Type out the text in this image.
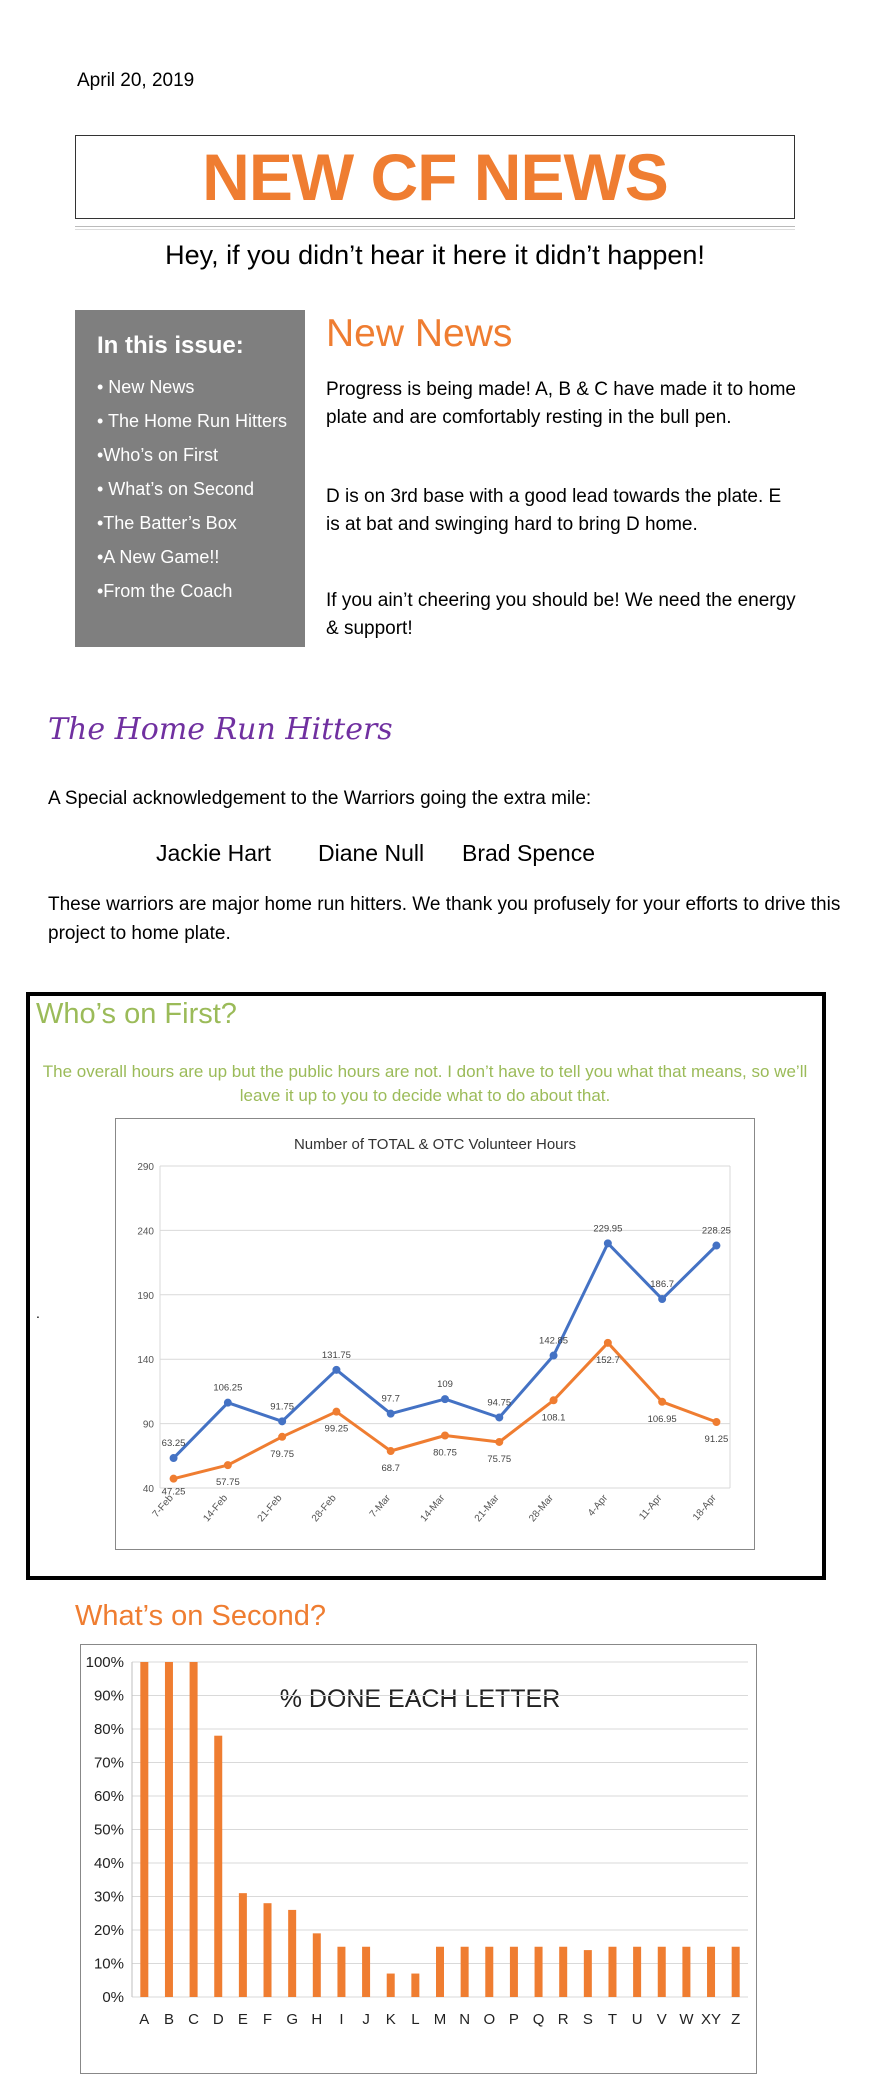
April 20, 2019
NEW CF NEWS
Hey, if you didn’t hear it here it didn’t happen!
In this issue:
• New News
• The Home Run Hitters
•Who’s on First
• What’s on Second
•The Batter’s Box
•A New Game!!
•From the Coach
New News
Progress is being made! A, B & C have made it to home plate and are comfortably resting in the bull pen.
D is on 3rd base with a good lead towards the plate. E is at bat and swinging hard to bring D home.
If you ain’t cheering you should be! We need the energy & support!
The Home Run Hitters
A Special acknowledgement to the Warriors going the extra mile:
Jackie Hart Diane Null Brad Spence
These warriors are major home run hitters. We thank you profusely for your efforts to drive this project to home plate.
Who’s on First?
The overall hours are up but the public hours are not. I don’t have to tell you what that means, so we’ll leave it up to you to decide what to do about that.
.
Number of TOTAL & OTC Volunteer Hours
40
90
140
190
240
290
7-Feb	14-Feb	21-Feb	28-Feb	7-Mar	14-Mar	21-Mar	28-Mar	4-Apr	11-Apr	18-Apr
63.25
106.25
91.75
131.75
97.7
109
94.75
142.85
229.95
186.7
228.25
47.25
57.75
79.75
99.25
68.7
80.75
75.75
108.1
152.7
106.95
91.25
What’s on Second?
% DONE EACH LETTER
0%
10%
20%
30%
40%
50%
60%
70%
80%
90%
100%
A B C D E F G H I J K L M N O P Q R S T U V W XY Z
